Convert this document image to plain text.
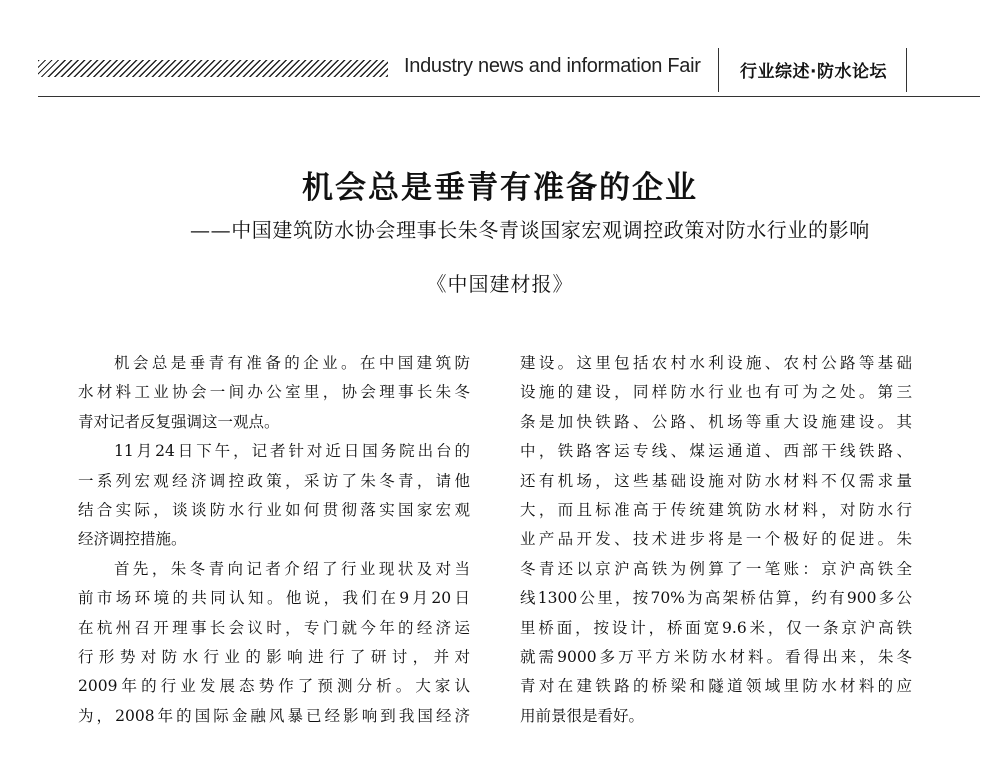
Industry news and information Fair 行业综述·防水论坛
机会总是垂青有准备的企业
——中国建筑防水协会理事长朱冬青谈国家宏观调控政策对防水行业的影响
《中国建材报》
机会总是垂青有准备的企业。在中国建筑防
水材料工业协会一间办公室里，协会理事长朱冬
青对记者反复强调这一观点。
11月24日下午，记者针对近日国务院出台的
一系列宏观经济调控政策，采访了朱冬青，请他
结合实际，谈谈防水行业如何贯彻落实国家宏观
经济调控措施。
首先，朱冬青向记者介绍了行业现状及对当
前市场环境的共同认知。他说，我们在9月20日
在杭州召开理事长会议时，专门就今年的经济运
行形势对防水行业的影响进行了研讨，并对
2009年的行业发展态势作了预测分析。大家认
为，2008年的国际金融风暴已经影响到我国经济
建设。这里包括农村水利设施、农村公路等基础
设施的建设，同样防水行业也有可为之处。第三
条是加快铁路、公路、机场等重大设施建设。其
中，铁路客运专线、煤运通道、西部干线铁路、
还有机场，这些基础设施对防水材料不仅需求量
大，而且标准高于传统建筑防水材料，对防水行
业产品开发、技术进步将是一个极好的促进。朱
冬青还以京沪高铁为例算了一笔账：京沪高铁全
线1300公里，按70%为高架桥估算，约有900多公
里桥面，按设计，桥面宽9.6米，仅一条京沪高铁
就需9000多万平方米防水材料。看得出来，朱冬
青对在建铁路的桥梁和隧道领域里防水材料的应
用前景很是看好。
